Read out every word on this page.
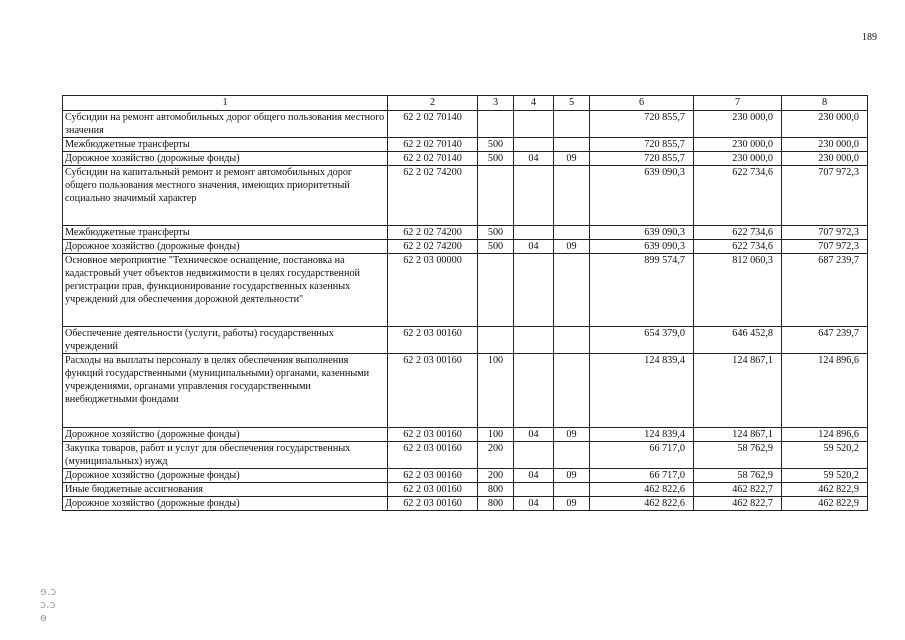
189
1	2	3	4	5	6	7	8
Субсидии на ремонт автомобильных дорог общего пользования местного значения	62 2 02 70140				720 855,7	230 000,0	230 000,0
Межбюджетные трансферты	62 2 02 70140	500			720 855,7	230 000,0	230 000,0
Дорожное хозяйство (дорожные фонды)	62 2 02 70140	500	04	09	720 855,7	230 000,0	230 000,0
Субсидии на капитальный ремонт и ремонт автомобильных дорог общего пользования местного значения, имеющих приоритетный социально значимый характер	62 2 02 74200				639 090,3	622 734,6	707 972,3
Межбюджетные трансферты	62 2 02 74200	500			639 090,3	622 734,6	707 972,3
Дорожное хозяйство (дорожные фонды)	62 2 02 74200	500	04	09	639 090,3	622 734,6	707 972,3
Основное мероприятие "Техническое оснащение, постановка на кадастровый учет объектов недвижимости в целях государственной регистрации прав, функционирование государственных казенных учреждений для обеспечения дорожной деятельности"	62 2 03 00000				899 574,7	812 060,3	687 239,7
Обеспечение деятельности (услуги, работы) государственных учреждений	62 2 03 00160				654 379,0	646 452,8	647 239,7
Расходы на выплаты персоналу в целях обеспечения выполнения функций государственными (муниципальными) органами, казенными учреждениями, органами управления государственными внебюджетными фондами	62 2 03 00160	100			124 839,4	124 867,1	124 896,6
Дорожное хозяйство (дорожные фонды)	62 2 03 00160	100	04	09	124 839,4	124 867,1	124 896,6
Закупка товаров, работ и услуг для обеспечения государственных (муниципальных) нужд	62 2 03 00160	200			66 717,0	58 762,9	59 520,2
Дорожное хозяйство (дорожные фонды)	62 2 03 00160	200	04	09	66 717,0	58 762,9	59 520,2
Иные бюджетные ассигнования	62 2 03 00160	800			462 822,6	462 822,7	462 822,9
Дорожное хозяйство (дорожные фонды)	62 2 03 00160	800	04	09	462 822,6	462 822,7	462 822,9
ɘ.ɔ
ɔ.ɔ
ɵ
